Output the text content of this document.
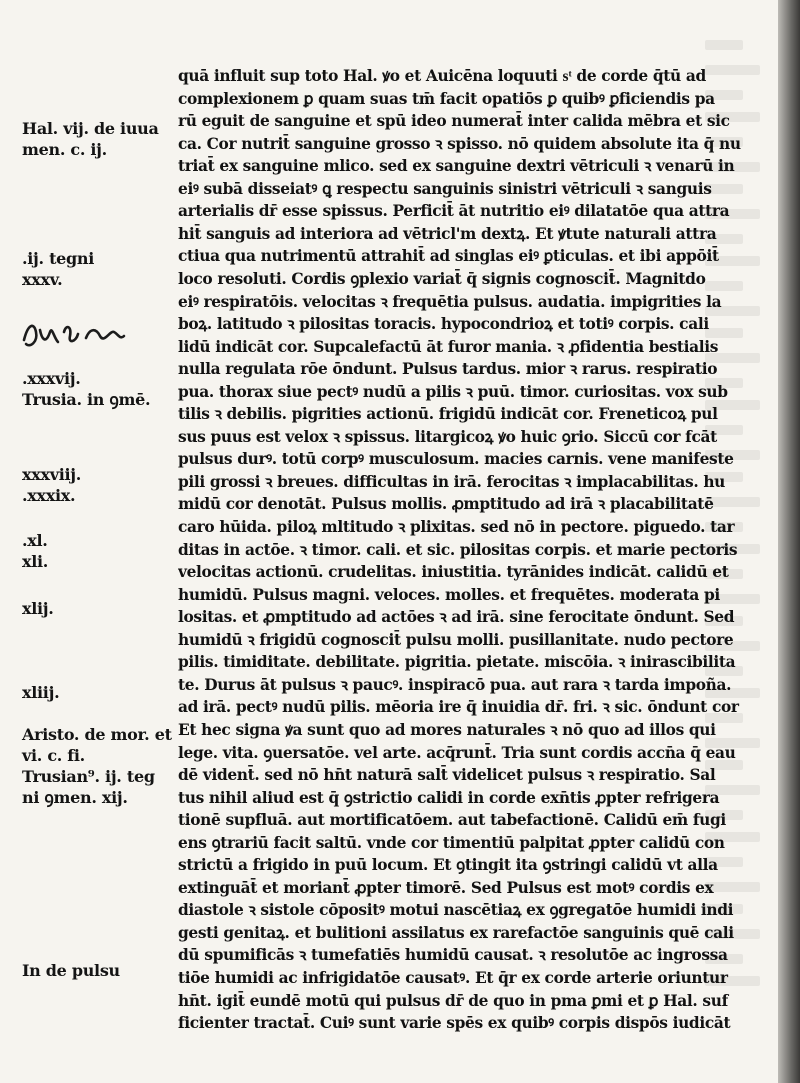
Hal. vij. de iuua
men. c. ij.
.ij. tegni
xxxv.
.xxxvij.
Trusia. in ꝯmē.
xxxviij.
.xxxix.
.xl.
xli.
xlij.
xliij.
Aristo. de mor. et
vi. c. fi.
Trusian⁹. ij. teg
ni ꝯmen. xij.
In de pulsu
quā influit sup toto Hal. ꝟo et Auicēna loquuti sͭ de corde q̄tū ad
complexionem ꝑ quam suas tm̄ facit opatiōs ꝑ quibꝰ ꝑficiendis pa
rū eguit de sanguine et spū ideo numerat̄ inter calida mēbra et sic
ca. Cor nutrit̄ sanguine grosso ꝛ spisso. nō quidem absolute ita q̄ nu
triat̄ ex sanguine mlico. sed ex sanguine dextri vētriculi ꝛ venarū in
eiꝰ subā disseiatꝰ ꝗ respectu sanguinis sinistri vētriculi ꝛ sanguis
arterialis dr̄ esse spissus. Perficit̄ āt nutritio eiꝰ dilatatōe qua attra
hit̄ sanguis ad interiora ad vētricl'm dextꝝ. Et ꝟtute naturali attra
ctiua qua nutrimentū attrahit̄ ad singlas eiꝰ ꝑticulas. et ibi appōit̄
loco resoluti. Cordis ꝯplexio variat̄ q̄ signis cognoscit̄. Magnitdo
eiꝰ respiratōis. velocitas ꝛ frequētia pulsus. audatia. impigrities la
boꝝ. latitudo ꝛ pilositas toracis. hypocondrioꝝ et totiꝰ corpis. cali
lidū indicāt cor. Supcalefactū āt furor mania. ꝛ ꝓfidentia bestialis
nulla regulata rōe ōndunt. Pulsus tardus. mior ꝛ rarus. respiratio
pua. thorax siue pectꝰ nudū a pilis ꝛ puū. timor. curiositas. vox sub
tilis ꝛ debilis. pigrities actionū. frigidū indicāt cor. Freneticoꝝ pul
sus puus est velox ꝛ spissus. litargicoꝝ ꝟo huic ꝯrio. Siccū cor fcāt
pulsus durꝰ. totū corpꝰ musculosum. macies carnis. vene manifeste
pili grossi ꝛ breues. difficultas in irā. ferocitas ꝛ implacabilitas. hu
midū cor denotāt. Pulsus mollis. ꝓmptitudo ad irā ꝛ placabilitatē
caro hūida. piloꝝ mltitudo ꝛ plixitas. sed nō in pectore. piguedo. tar
ditas in actōe. ꝛ timor. cali. et sic. pilositas corpis. et marie pectoris
velocitas actionū. crudelitas. iniustitia. tyrānides indicāt. calidū et
humidū. Pulsus magni. veloces. molles. et frequētes. moderata pi
lositas. et ꝓmptitudo ad actōes ꝛ ad irā. sine ferocitate ōndunt. Sed
humidū ꝛ frigidū cognoscit̄ pulsu molli. pusillanitate. nudo pectore
pilis. timiditate. debilitate. pigritia. pietate. miscōia. ꝛ inirascibilita
te. Durus āt pulsus ꝛ paucꝰ. inspiracō pua. aut rara ꝛ tarda impoña.
ad irā. pectꝰ nudū pilis. mēoria ire q̄ inuidia dr̄. fri. ꝛ sic. ōndunt cor
Et hec signa ꝟa sunt quo ad mores naturales ꝛ nō quo ad illos qui
lege. vita. ꝯuersatōe. vel arte. acq̄runt̄. Tria sunt cordis accn̄a q̄ eau
dē vident̄. sed nō hn̄t naturā salt̄ videlicet pulsus ꝛ respiratio. Sal
tus nihil aliud est q̄ ꝯstrictio calidi in corde exn̄tis ꝓpter refrigera
tionē supfluā. aut mortificatōem. aut tabefactionē. Calidū em̄ fugi
ens ꝯtrariū facit saltū. vnde cor timentiū palpitat ꝓpter calidū con
strictū a frigido in puū locum. Et ꝯtingit ita ꝯstringi calidū vt alla
extinguāt̄ et moriant̄ ꝓpter timorē. Sed Pulsus est motꝰ cordis ex
diastole ꝛ sistole cōpositꝰ motui nascētiaꝝ ex ꝯgregatōe humidi indi
gesti genitaꝝ. et bulitioni assilatus ex rarefactōe sanguinis quē cali
dū spumificās ꝛ tumefatiēs humidū causat. ꝛ resolutōe ac ingrossa
tiōe humidi ac infrigidatōe causatꝰ. Et q̄r ex corde arterie oriuntur
hn̄t. igit̄ eundē motū qui pulsus dr̄ de quo in pma ꝑmi et ꝑ Hal. suf
ficienter tractat̄. Cuiꝰ sunt varie spēs ex quibꝰ corpis dispōs iudicāt
